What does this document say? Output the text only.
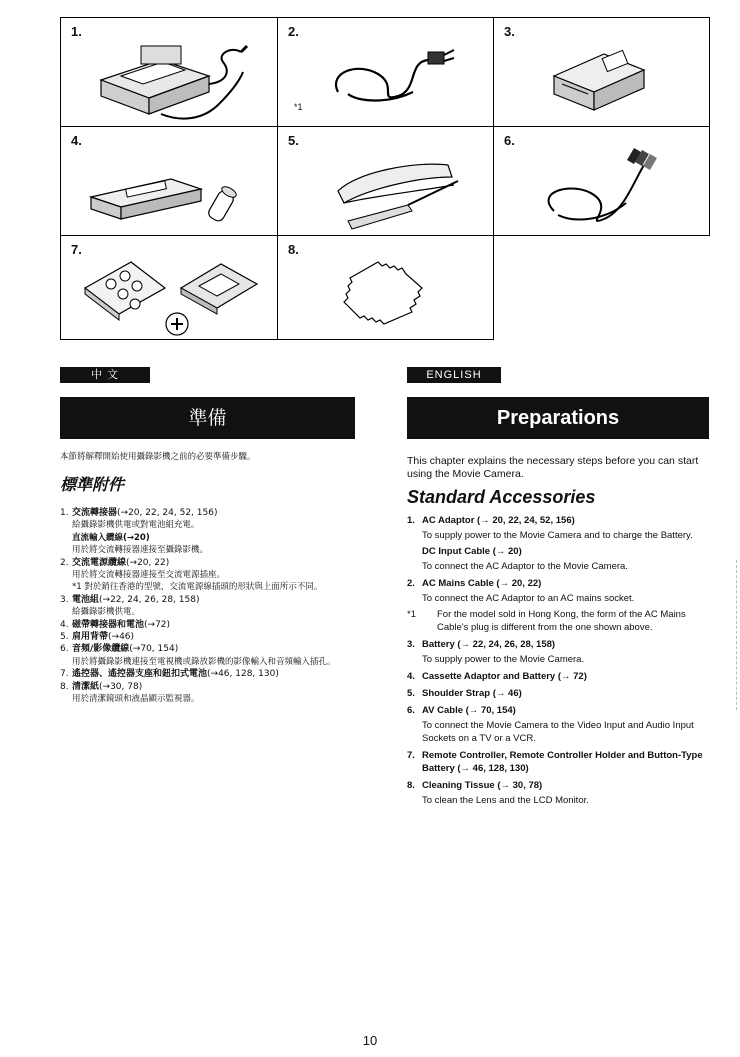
1.	2.
*1
3.
4.	5.	6.
7.	8.
中 文	ENGLISH
準備	Preparations

本節將解釋開始使用攝錄影機之前的必要準備步驟。

標準附件

1. 交流轉接器(→20, 22, 24, 52, 156)
給攝錄影機供電或對電池組充電。
直流輸入纜線(→20)
用於將交流轉接器連接至攝錄影機。
2. 交流電源纜線(→20, 22)
用於將交流轉接器連接至交流電源插座。
*1 對於銷往香港的型號，交流電源線插頭的形狀與上面所示不同。
3. 電池組(→22, 24, 26, 28, 158)
給攝錄影機供電。
4. 磁帶轉接器和電池(→72)
5. 肩用背帶(→46)
6. 音頻/影像纜線(→70, 154)
用於將攝錄影機連接至電視機或錄放影機的影像輸入和音頻輸入插孔。
7. 遙控器、遙控器支座和鈕扣式電池(→46, 128, 130)
8. 清潔紙(→30, 78)
用於清潔鏡頭和液晶顯示監視器。

This chapter explains the necessary steps before you can start using the Movie Camera.

Standard Accessories

1. AC Adaptor (→ 20, 22, 24, 52, 156)
To supply power to the Movie Camera and to charge the Battery.
DC Input Cable (→ 20)
To connect the AC Adaptor to the Movie Camera.
2. AC Mains Cable (→ 20, 22)
To connect the AC Adaptor to an AC mains socket.
*1 For the model sold in Hong Kong, the form of the AC Mains Cable's plug is different from the one shown above.
3. Battery (→ 22, 24, 26, 28, 158)
To supply power to the Movie Camera.
4. Cassette Adaptor and Battery (→ 72)
5. Shoulder Strap (→ 46)
6. AV Cable (→ 70, 154)
To connect the Movie Camera to the Video Input and Audio Input Sockets on a TV or a VCR.
7. Remote Controller, Remote Controller Holder and Button-Type Battery (→ 46, 128, 130)
8. Cleaning Tissue (→ 30, 78)
To clean the Lens and the LCD Monitor.
10
